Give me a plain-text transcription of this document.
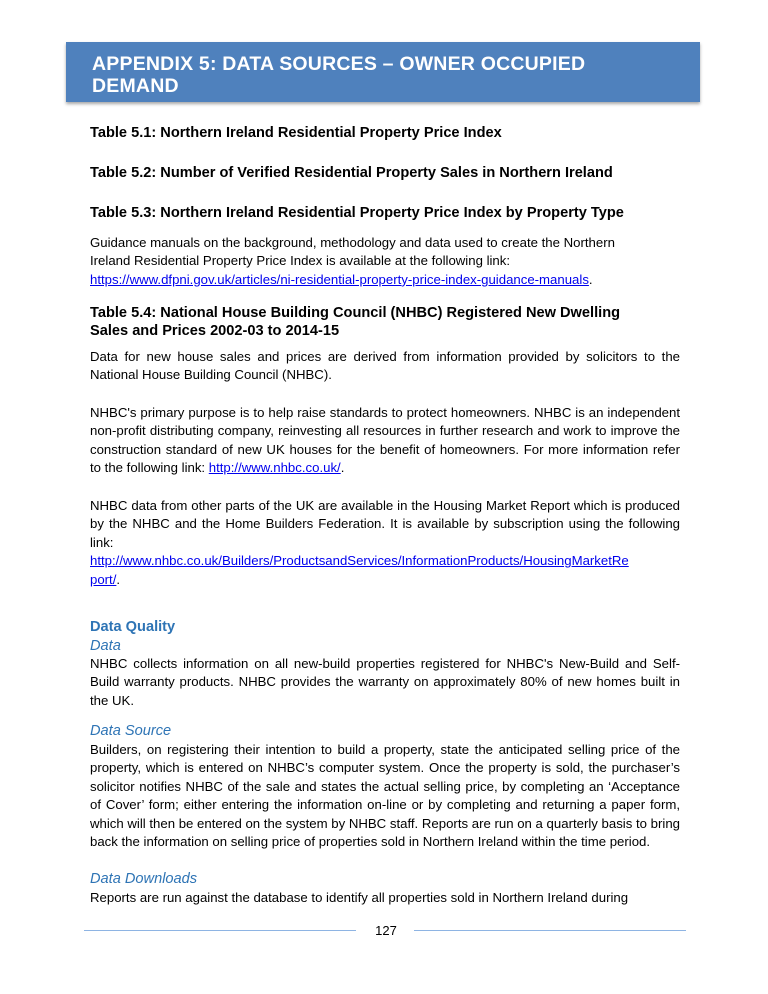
APPENDIX 5: DATA SOURCES – OWNER OCCUPIED
DEMAND
Table 5.1: Northern Ireland Residential Property Price Index
Table 5.2: Number of Verified Residential Property Sales in Northern Ireland
Table 5.3: Northern Ireland Residential Property Price Index by Property Type
Guidance manuals on the background, methodology and data used to create the Northern
Ireland Residential Property Price Index is available at the following link:
https://www.dfpni.gov.uk/articles/ni-residential-property-price-index-guidance-manuals.
Table 5.4: National House Building Council (NHBC) Registered New Dwelling
Sales and Prices 2002-03 to 2014-15
Data for new house sales and prices are derived from information provided by solicitors to the National House Building Council (NHBC).
NHBC's primary purpose is to help raise standards to protect homeowners. NHBC is an independent non-profit distributing company, reinvesting all resources in further research and work to improve the construction standard of new UK houses for the benefit of homeowners. For more information refer to the following link: http://www.nhbc.co.uk/.
NHBC data from other parts of the UK are available in the Housing Market Report which is produced by the NHBC and the Home Builders Federation. It is available by subscription using the following link:
http://www.nhbc.co.uk/Builders/ProductsandServices/InformationProducts/HousingMarketRe
port/.
Data Quality
Data
NHBC collects information on all new-build properties registered for NHBC's New-Build and Self-Build warranty products. NHBC provides the warranty on approximately 80% of new homes built in the UK.
Data Source
Builders, on registering their intention to build a property, state the anticipated selling price of the property, which is entered on NHBC’s computer system. Once the property is sold, the purchaser’s solicitor notifies NHBC of the sale and states the actual selling price, by completing an ‘Acceptance of Cover’ form; either entering the information on-line or by completing and returning a paper form, which will then be entered on the system by NHBC staff. Reports are run on a quarterly basis to bring back the information on selling price of properties sold in Northern Ireland within the time period.
Data Downloads
Reports are run against the database to identify all properties sold in Northern Ireland during
127
